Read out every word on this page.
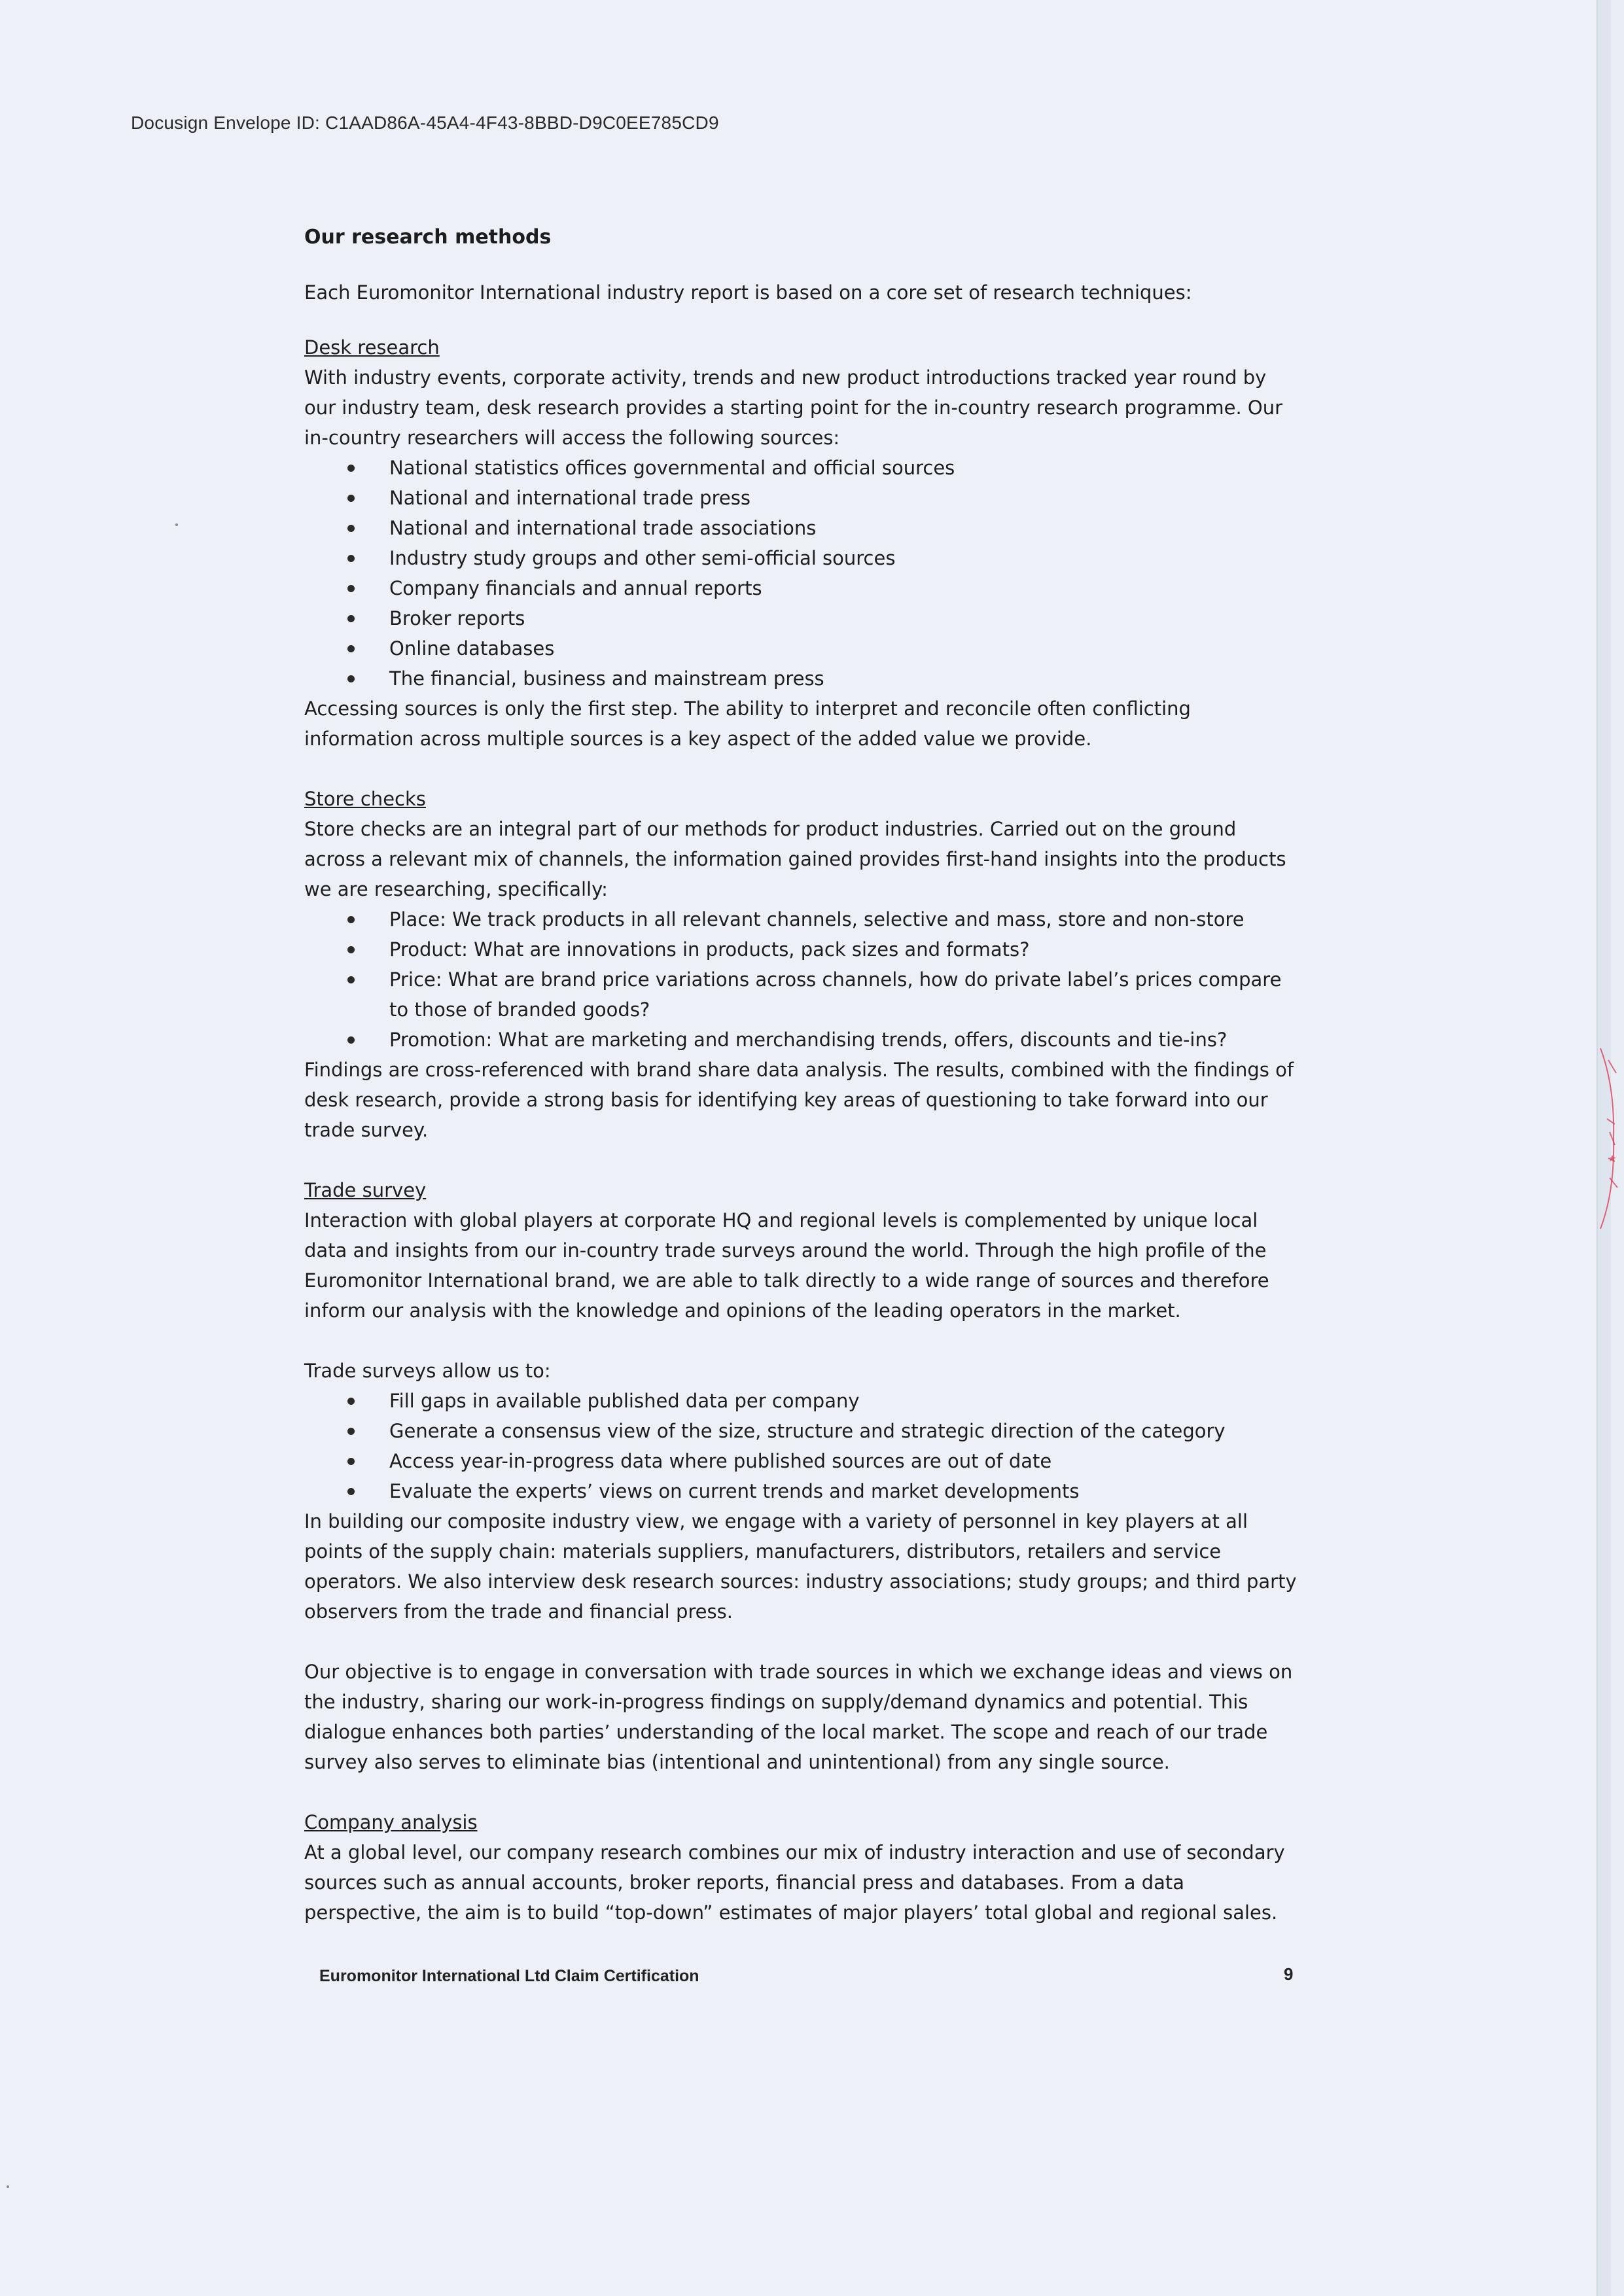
Docusign Envelope ID: C1AAD86A-45A4-4F43-8BBD-D9C0EE785CD9
Our research methods
Each Euromonitor International industry report is based on a core set of research techniques:
Desk research

With industry events, corporate activity, trends and new product introductions tracked year round by our industry team, desk research provides a starting point for the in-country research programme. Our in-country researchers will access the following sources:

National statistics offices governmental and official sources
National and international trade press
National and international trade associations
Industry study groups and other semi-official sources
Company financials and annual reports
Broker reports
Online databases
The financial, business and mainstream press

Accessing sources is only the first step. The ability to interpret and reconcile often conflicting information across multiple sources is a key aspect of the added value we provide.

Store checks

Store checks are an integral part of our methods for product industries. Carried out on the ground across a relevant mix of channels, the information gained provides first-hand insights into the products we are researching, specifically:

Place: We track products in all relevant channels, selective and mass, store and non-store
Product: What are innovations in products, pack sizes and formats?
Price: What are brand price variations across channels, how do private label’s prices compare to those of branded goods?
Promotion: What are marketing and merchandising trends, offers, discounts and tie-ins?

Findings are cross-referenced with brand share data analysis. The results, combined with the findings of desk research, provide a strong basis for identifying key areas of questioning to take forward into our trade survey.

Trade survey

Interaction with global players at corporate HQ and regional levels is complemented by unique local data and insights from our in-country trade surveys around the world. Through the high profile of the Euromonitor International brand, we are able to talk directly to a wide range of sources and therefore inform our analysis with the knowledge and opinions of the leading operators in the market.

Trade surveys allow us to:

Fill gaps in available published data per company
Generate a consensus view of the size, structure and strategic direction of the category
Access year-in-progress data where published sources are out of date
Evaluate the experts’ views on current trends and market developments

In building our composite industry view, we engage with a variety of personnel in key players at all points of the supply chain: materials suppliers, manufacturers, distributors, retailers and service operators. We also interview desk research sources: industry associations; study groups; and third party observers from the trade and financial press.

Our objective is to engage in conversation with trade sources in which we exchange ideas and views on the industry, sharing our work-in-progress findings on supply/demand dynamics and potential. This dialogue enhances both parties’ understanding of the local market. The scope and reach of our trade survey also serves to eliminate bias (intentional and unintentional) from any single source.

Company analysis

At a global level, our company research combines our mix of industry interaction and use of secondary sources such as annual accounts, broker reports, financial press and databases. From a data perspective, the aim is to build “top-down” estimates of major players’ total global and regional sales.

Euromonitor International Ltd Claim Certification	9
